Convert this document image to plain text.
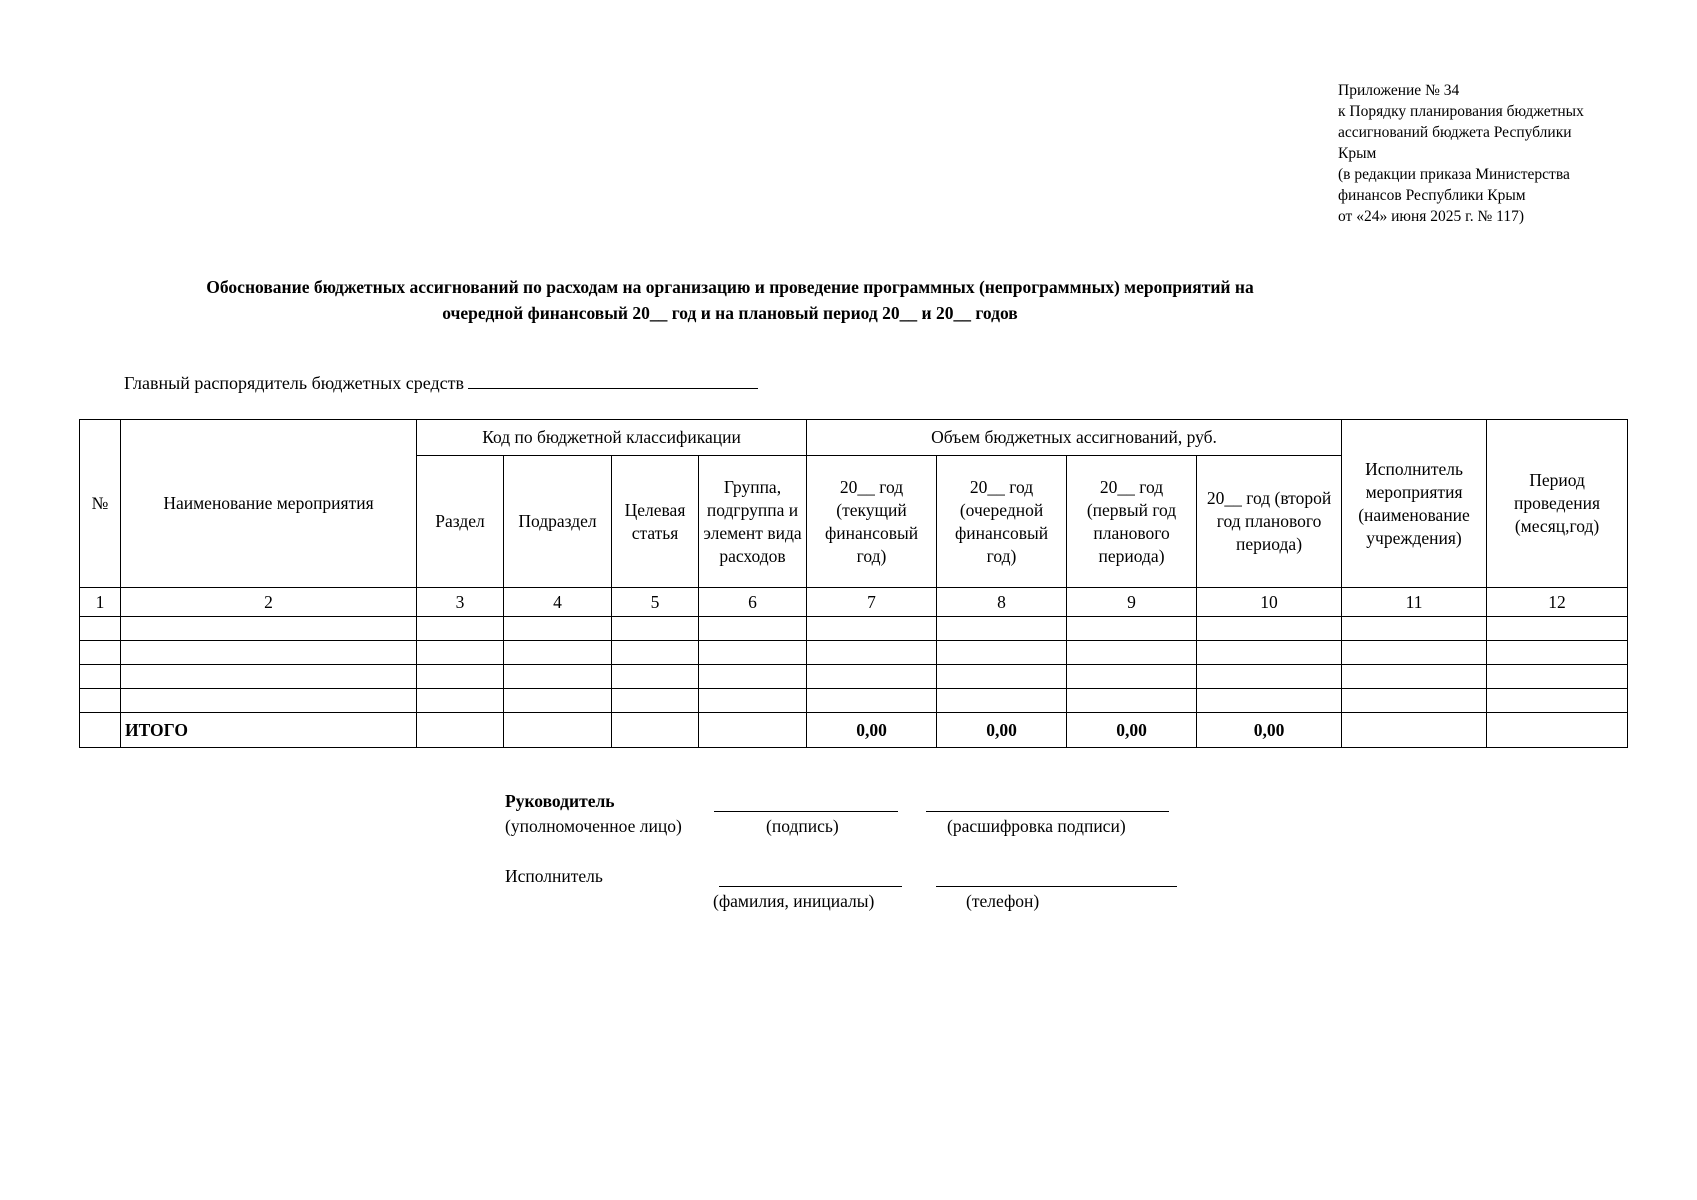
Приложение № 34
к Порядку планирования бюджетных
ассигнований бюджета Республики
Крым
(в редакции приказа Министерства
финансов Республики Крым
от «24» июня 2025 г. № 117)
Обоснование бюджетных ассигнований по расходам на организацию и проведение программных (непрограммных) мероприятий на
очередной финансовый 20__ год и на плановый период 20__ и 20__ годов
Главный распорядитель бюджетных средств
№	Наименование мероприятия	Код по бюджетной классификации				Объем бюджетных ассигнований, руб.				Исполнитель мероприятия (наименование учреждения)	Период проведения (месяц,год)
		Раздел	Подраздел	Целевая статья	Группа, подгруппа и элемент вида расходов	20__ год (текущий финансовый год)	20__ год (очередной финансовый год)	20__ год (первый год планового периода)	20__ год (второй год планового периода)		
1	2	3	4	5	6	7	8	9	10	11	12

	ИТОГО					0,00	0,00	0,00	0,00		
Руководитель
(уполномоченное лицо)	(подпись)	(расшифровка подписи)
Исполнитель
(фамилия, инициалы)	(телефон)
